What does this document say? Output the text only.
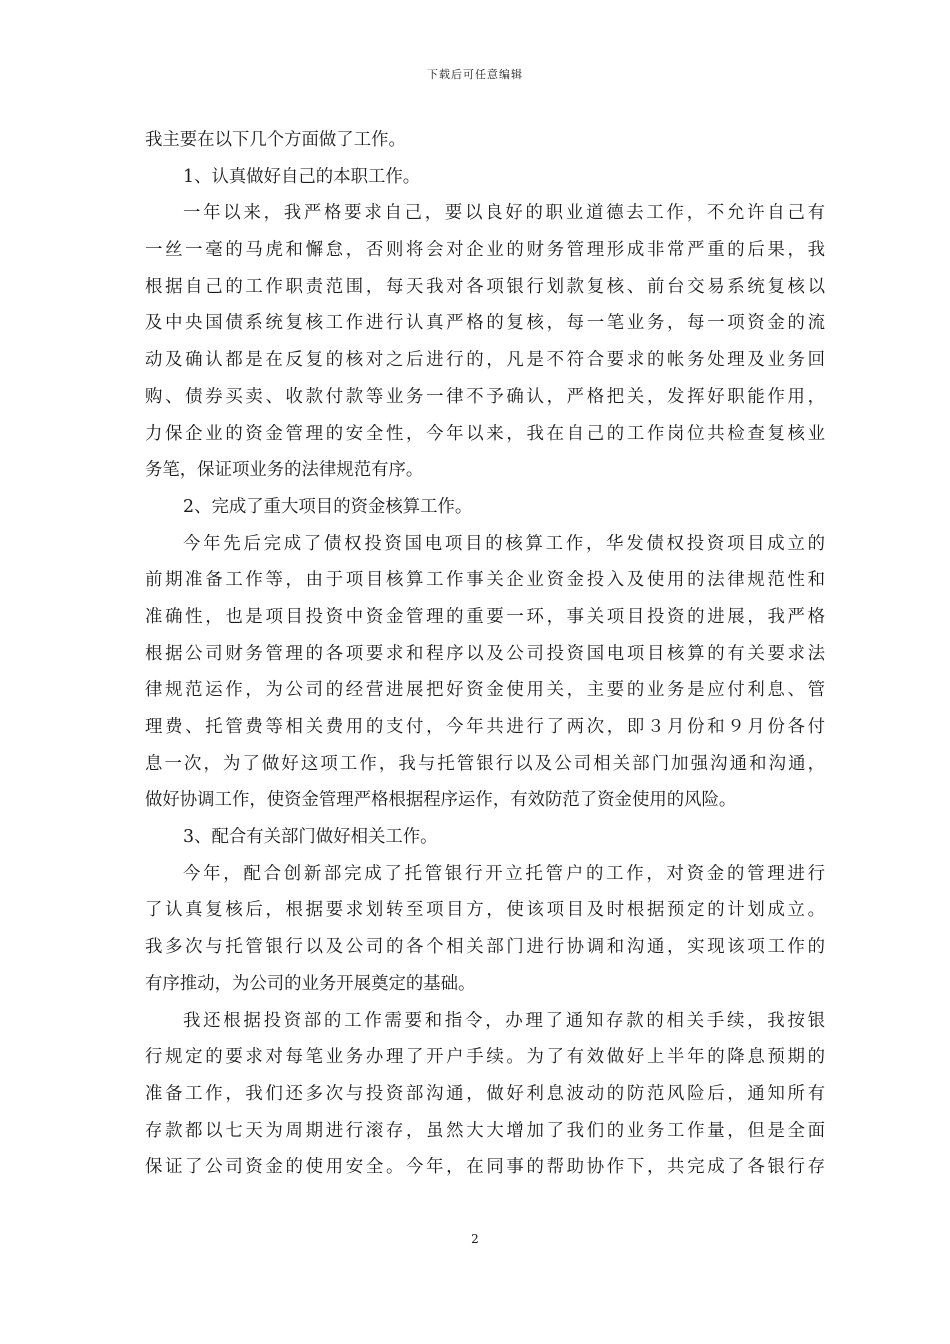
下载后可任意编辑
我主要在以下几个方面做了工作。
1、认真做好自己的本职工作。
一年以来，我严格要求自己，要以良好的职业道德去工作，不允许自己有
一丝一毫的马虎和懈怠，否则将会对企业的财务管理形成非常严重的后果，我
根据自己的工作职责范围，每天我对各项银行划款复核、前台交易系统复核以
及中央国债系统复核工作进行认真严格的复核，每一笔业务，每一项资金的流
动及确认都是在反复的核对之后进行的，凡是不符合要求的帐务处理及业务回
购、债券买卖、收款付款等业务一律不予确认，严格把关，发挥好职能作用，
力保企业的资金管理的安全性，今年以来，我在自己的工作岗位共检查复核业
务笔，保证项业务的法律规范有序。
2、完成了重大项目的资金核算工作。
今年先后完成了债权投资国电项目的核算工作，华发债权投资项目成立的
前期准备工作等，由于项目核算工作事关企业资金投入及使用的法律规范性和
准确性，也是项目投资中资金管理的重要一环，事关项目投资的进展，我严格
根据公司财务管理的各项要求和程序以及公司投资国电项目核算的有关要求法
律规范运作，为公司的经营进展把好资金使用关，主要的业务是应付利息、管
理费、托管费等相关费用的支付，今年共进行了两次，即３月份和９月份各付
息一次，为了做好这项工作，我与托管银行以及公司相关部门加强沟通和沟通，
做好协调工作，使资金管理严格根据程序运作，有效防范了资金使用的风险。
3、配合有关部门做好相关工作。
今年，配合创新部完成了托管银行开立托管户的工作，对资金的管理进行
了认真复核后，根据要求划转至项目方，使该项目及时根据预定的计划成立。
我多次与托管银行以及公司的各个相关部门进行协调和沟通，实现该项工作的
有序推动，为公司的业务开展奠定的基础。
我还根据投资部的工作需要和指令，办理了通知存款的相关手续，我按银
行规定的要求对每笔业务办理了开户手续。为了有效做好上半年的降息预期的
准备工作，我们还多次与投资部沟通，做好利息波动的防范风险后，通知所有
存款都以七天为周期进行滚存，虽然大大增加了我们的业务工作量，但是全面
保证了公司资金的使用安全。今年，在同事的帮助协作下，共完成了各银行存
2
